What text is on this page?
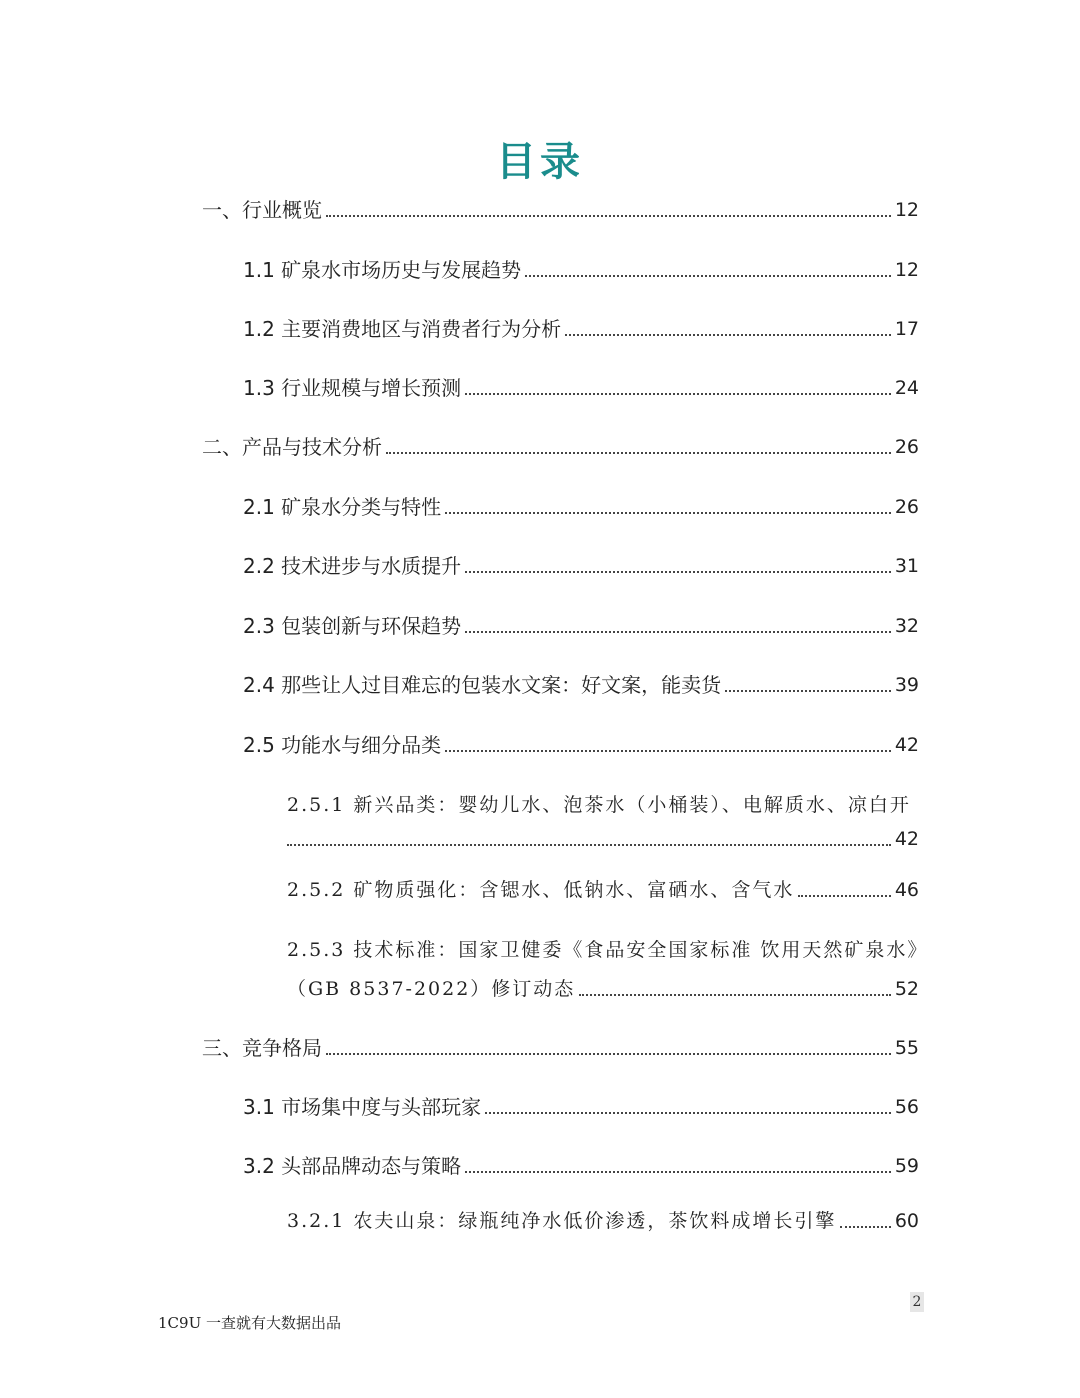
目录
一、行业概览	12
1.1 矿泉水市场历史与发展趋势	12
1.2 主要消费地区与消费者行为分析	17
1.3 行业规模与增长预测	24
二、产品与技术分析	26
2.1 矿泉水分类与特性	26
2.2 技术进步与水质提升	31
2.3 包装创新与环保趋势	32
2.4 那些让人过目难忘的包装水文案：好文案，能卖货	39
2.5 功能水与细分品类	42
2.5.1 新兴品类：婴幼儿水、泡茶水（小桶装）、电解质水、凉白开
42
2.5.2 矿物质强化：含锶水、低钠水、富硒水、含气水	46
2.5.3 技术标准：国家卫健委《食品安全国家标准 饮用天然矿泉水》
（GB 8537-2022）修订动态	52
三、竞争格局	55
3.1 市场集中度与头部玩家	56
3.2 头部品牌动态与策略	59
3.2.1 农夫山泉：绿瓶纯净水低价渗透，茶饮料成增长引擎	60
2
1C9U 一查就有大数据出品
